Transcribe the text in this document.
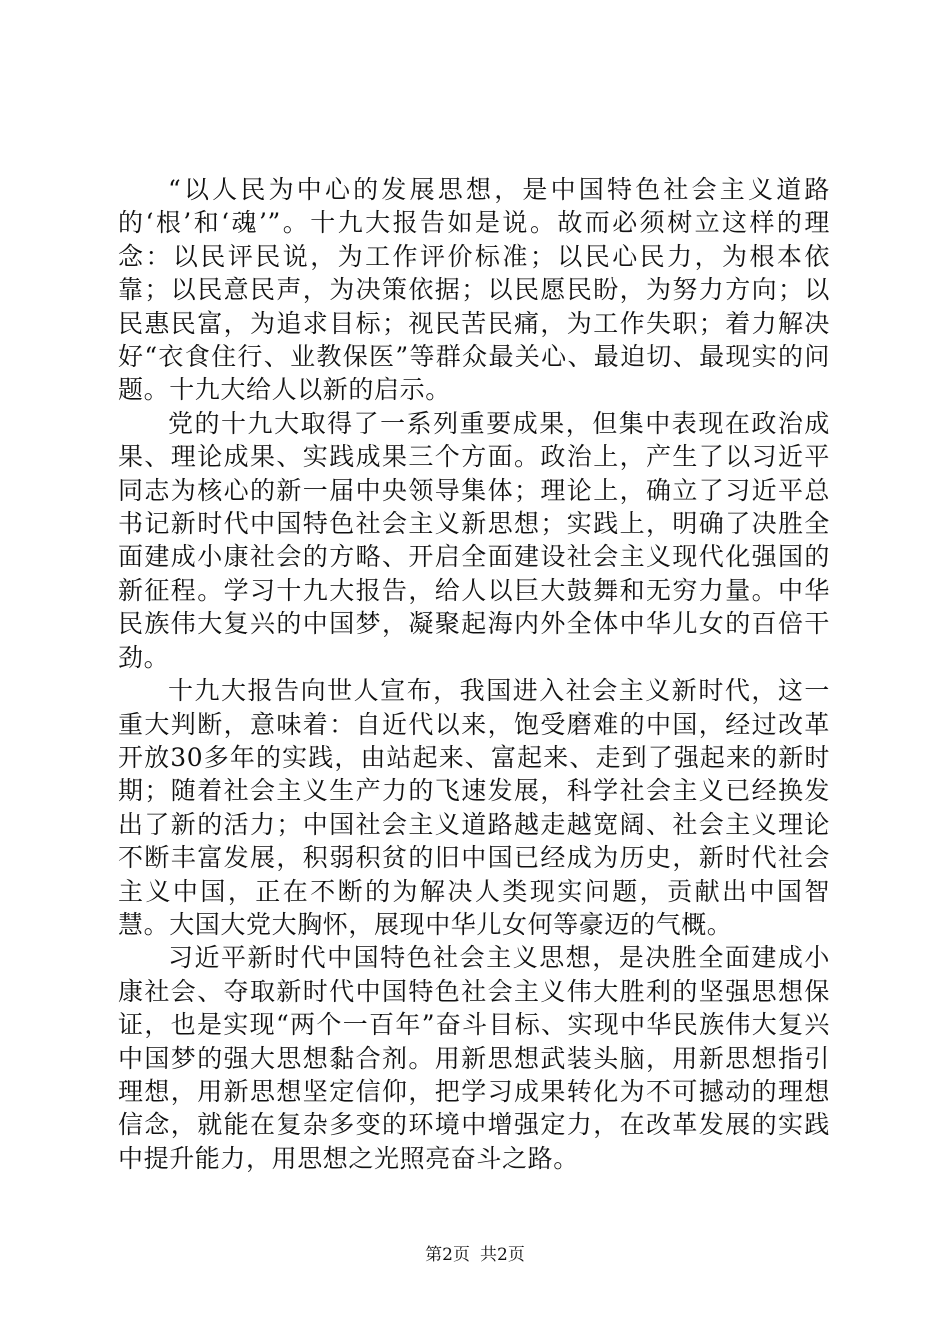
“以人民为中心的发展思想，是中国特色社会主义道路的‘根’和‘魂’”。十九大报告如是说。故而必须树立这样的理念：以民评民说，为工作评价标准；以民心民力，为根本依靠；以民意民声，为决策依据；以民愿民盼，为努力方向；以民惠民富，为追求目标；视民苦民痛，为工作失职；着力解决好“衣食住行、业教保医”等群众最关心、最迫切、最现实的问题。十九大给人以新的启示。

党的十九大取得了一系列重要成果，但集中表现在政治成果、理论成果、实践成果三个方面。政治上，产生了以习近平同志为核心的新一届中央领导集体；理论上，确立了习近平总书记新时代中国特色社会主义新思想；实践上，明确了决胜全面建成小康社会的方略、开启全面建设社会主义现代化强国的新征程。学习十九大报告，给人以巨大鼓舞和无穷力量。中华民族伟大复兴的中国梦，凝聚起海内外全体中华儿女的百倍干劲。

十九大报告向世人宣布，我国进入社会主义新时代，这一重大判断，意味着：自近代以来，饱受磨难的中国，经过改革开放30多年的实践，由站起来、富起来、走到了强起来的新时期；随着社会主义生产力的飞速发展，科学社会主义已经换发出了新的活力；中国社会主义道路越走越宽阔、社会主义理论不断丰富发展，积弱积贫的旧中国已经成为历史，新时代社会主义中国，正在不断的为解决人类现实问题，贡献出中国智慧。大国大党大胸怀，展现中华儿女何等豪迈的气概。

习近平新时代中国特色社会主义思想，是决胜全面建成小康社会、夺取新时代中国特色社会主义伟大胜利的坚强思想保证，也是实现“两个一百年”奋斗目标、实现中华民族伟大复兴中国梦的强大思想黏合剂。用新思想武装头脑，用新思想指引理想，用新思想坚定信仰，把学习成果转化为不可撼动的理想信念，就能在复杂多变的环境中增强定力，在改革发展的实践中提升能力，用思想之光照亮奋斗之路。

第2页 共2页
